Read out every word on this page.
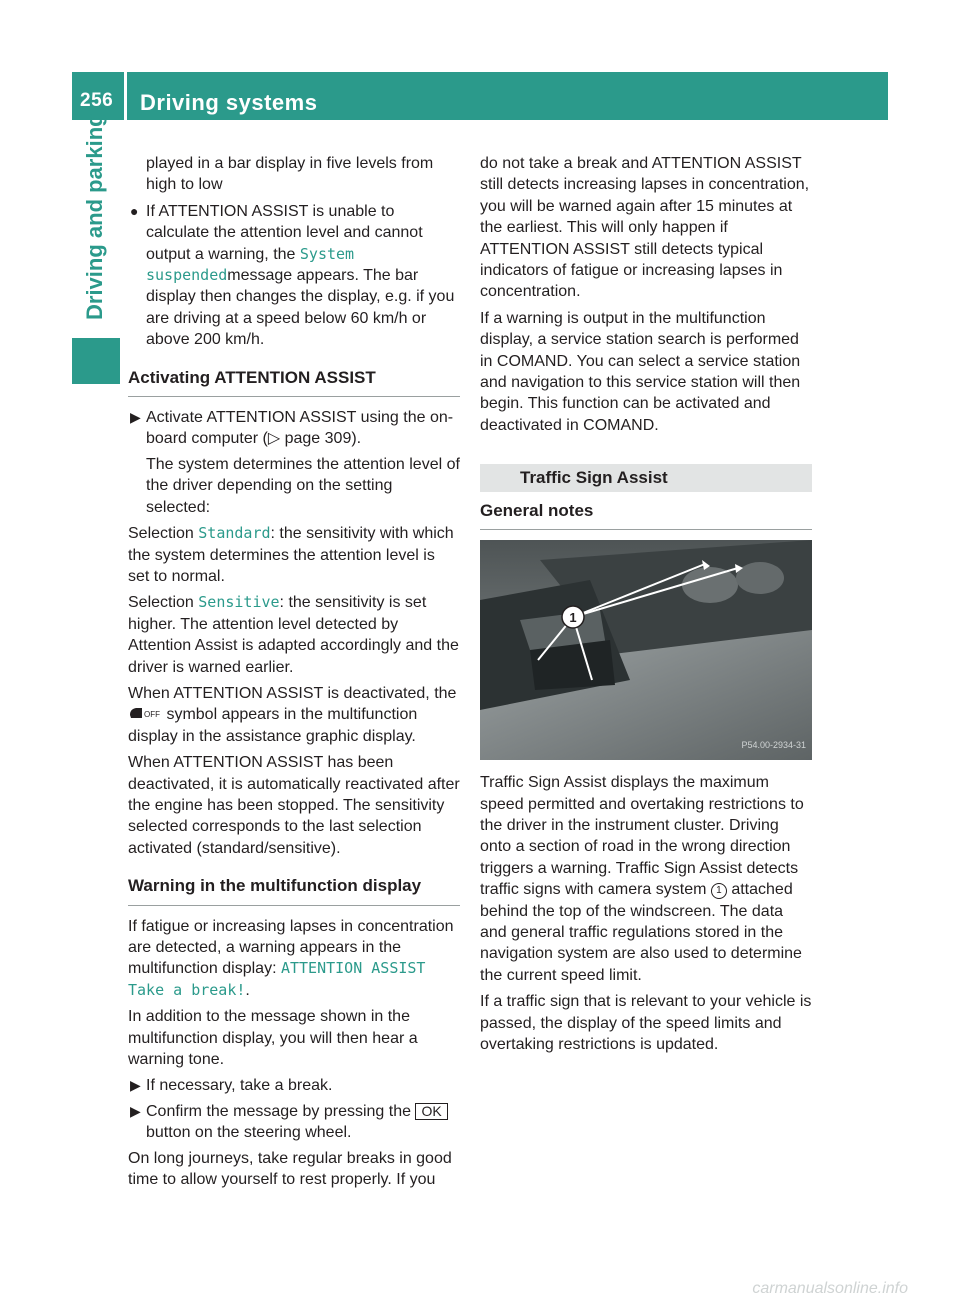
256 Driving systems
Driving and parking	played in a bar display in five levels from high to low

● If ATTENTION ASSIST is unable to calculate the attention level and cannot output a warning, the System suspendedmessage appears. The bar display then changes the display, e.g. if you are driving at a speed below 60 km/h or above 200 km/h.
Activating ATTENTION ASSIST
▶ Activate ATTENTION ASSIST using the on-board computer (▷ page 309).

The system determines the attention level of the driver depending on the setting selected:

Selection Standard: the sensitivity with which the system determines the attention level is set to normal.

Selection Sensitive: the sensitivity is set higher. The attention level detected by Attention Assist is adapted accordingly and the driver is warned earlier.

When ATTENTION ASSIST is deactivated, the
OFF symbol appears in the multifunction display in the assistance graphic display.

When ATTENTION ASSIST has been deactivated, it is automatically reactivated after the engine has been stopped. The sensitivity selected corresponds to the last selection activated (standard/sensitive).

Warning in the multifunction display

If fatigue or increasing lapses in concentration are detected, a warning appears in the multifunction display: ATTENTION ASSIST Take a break!.

In addition to the message shown in the multifunction display, you will then hear a warning tone.

▶ If necessary, take a break.
▶ Confirm the message by pressing the OK button on the steering wheel.

On long journeys, take regular breaks in good time to allow yourself to rest properly. If you

do not take a break and ATTENTION ASSIST still detects increasing lapses in concentration, you will be warned again after 15 minutes at the earliest. This will only happen if ATTENTION ASSIST still detects typical indicators of fatigue or increasing lapses in concentration.

If a warning is output in the multifunction display, a service station search is performed in COMAND. You can select a service station and navigation to this service station will then begin. This function can be activated and deactivated in COMAND.

Traffic Sign Assist
General notes
1
P54.00-2934-31

Traffic Sign Assist displays the maximum speed permitted and overtaking restrictions to the driver in the instrument cluster. Driving onto a section of road in the wrong direction triggers a warning. Traffic Sign Assist detects traffic signs with camera system 1 attached behind the top of the windscreen. The data and general traffic regulations stored in the navigation system are also used to determine the current speed limit.

If a traffic sign that is relevant to your vehicle is passed, the display of the speed limits and overtaking restrictions is updated.

carmanualsonline.info
